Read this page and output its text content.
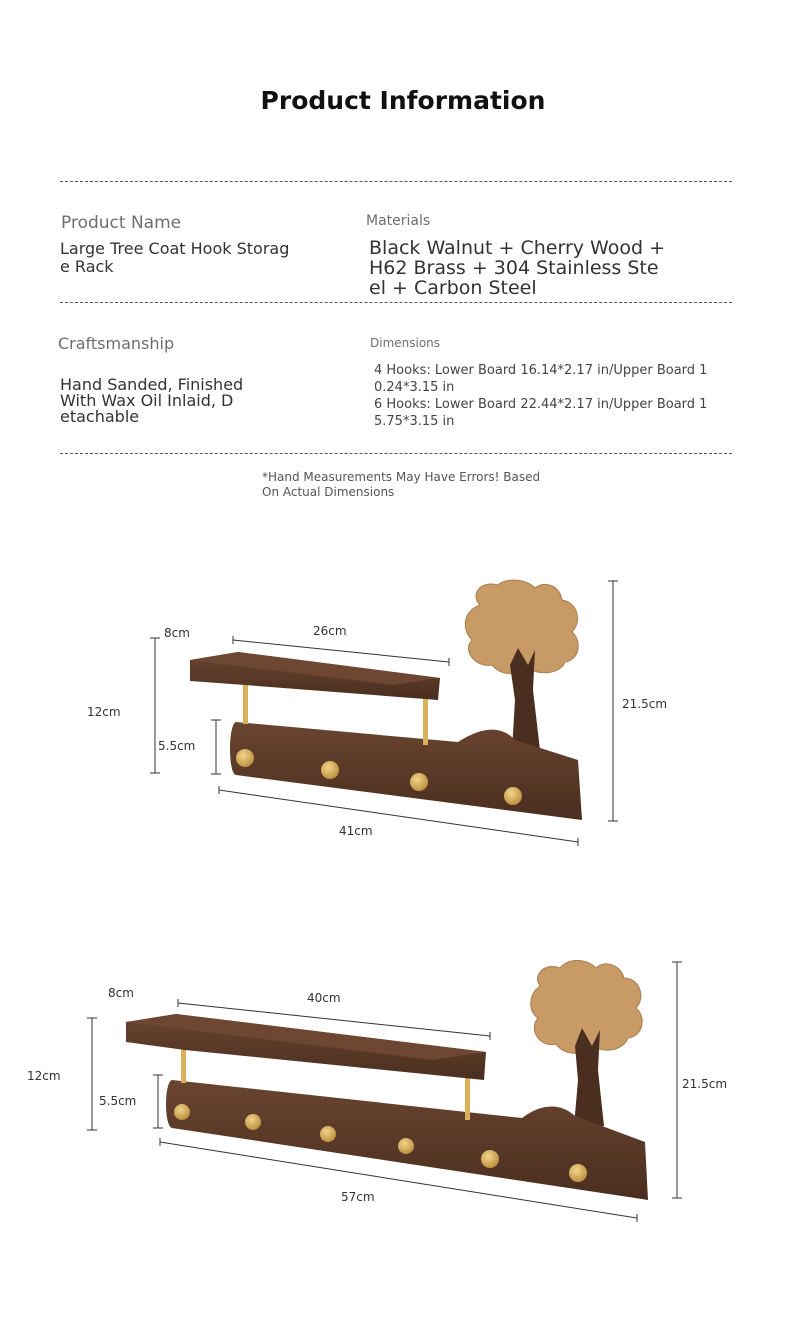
Product Information
Product Name
Large Tree Coat Hook Storag
e Rack
Materials
Black Walnut + Cherry Wood +
H62 Brass + 304 Stainless Ste
el + Carbon Steel
Craftsmanship
Hand Sanded, Finished
With Wax Oil Inlaid, D
etachable
Dimensions
4 Hooks: Lower Board 16.14*2.17 in/Upper Board 1
0.24*3.15 in
6 Hooks: Lower Board 22.44*2.17 in/Upper Board 1
5.75*3.15 in
*Hand Measurements May Have Errors! Based
On Actual Dimensions
8cm	26cm
12cm
5.5cm
41cm
21.5cm
8cm	40cm
12cm
5.5cm
57cm
21.5cm
